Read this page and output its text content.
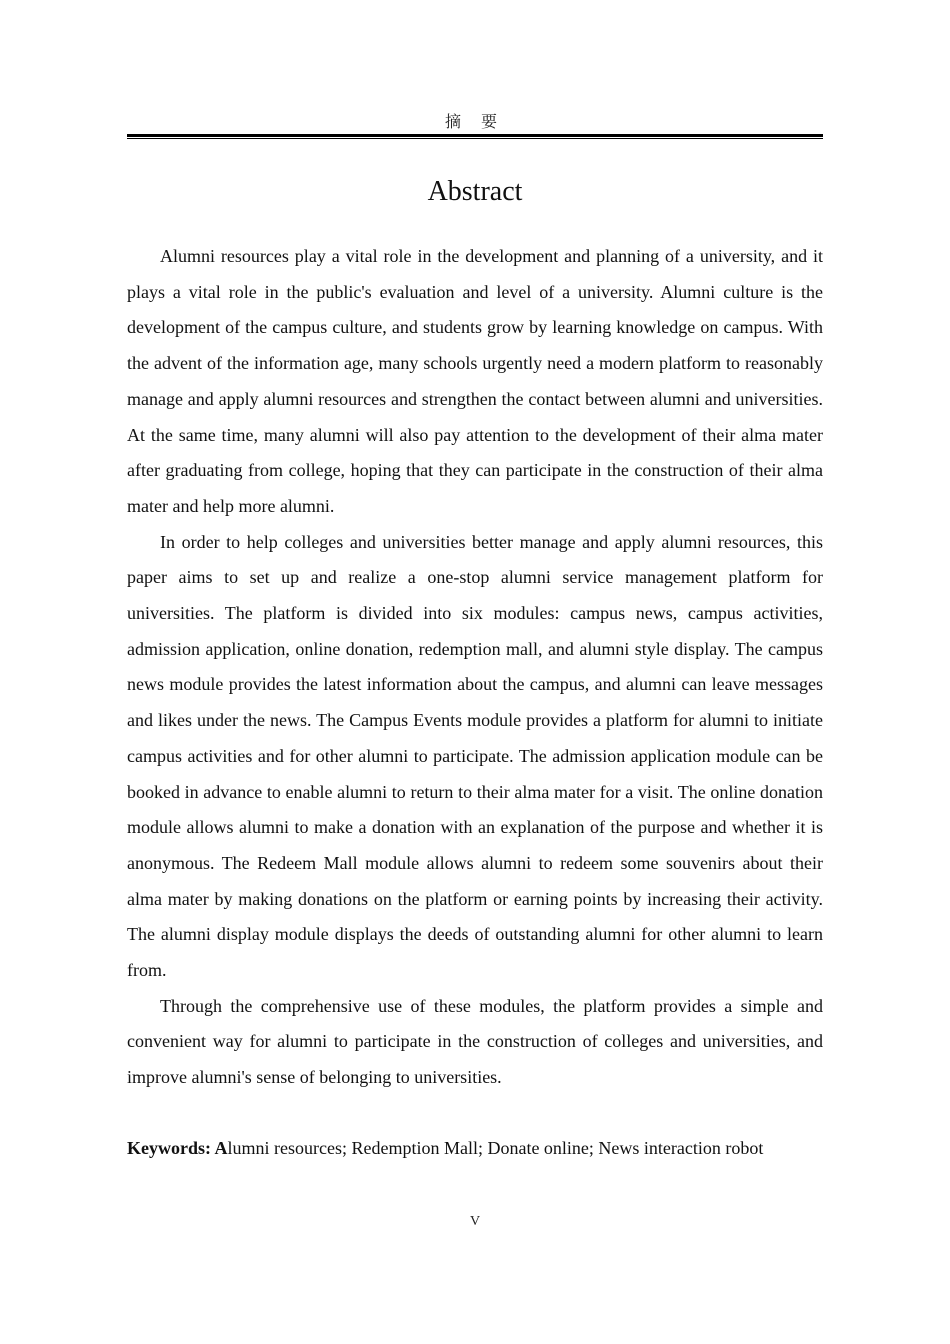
摘 要
Abstract

Alumni resources play a vital role in the development and planning of a university, and it plays a vital role in the public's evaluation and level of a university. Alumni culture is the development of the campus culture, and students grow by learning knowledge on campus. With the advent of the information age, many schools urgently need a modern platform to reasonably manage and apply alumni resources and strengthen the contact between alumni and universities. At the same time, many alumni will also pay attention to the development of their alma mater after graduating from college, hoping that they can participate in the construction of their alma mater and help more alumni.

In order to help colleges and universities better manage and apply alumni resources, this paper aims to set up and realize a one-stop alumni service management platform for universities. The platform is divided into six modules: campus news, campus activities, admission application, online donation, redemption mall, and alumni style display. The campus news module provides the latest information about the campus, and alumni can leave messages and likes under the news. The Campus Events module provides a platform for alumni to initiate campus activities and for other alumni to participate. The admission application module can be booked in advance to enable alumni to return to their alma mater for a visit. The online donation module allows alumni to make a donation with an explanation of the purpose and whether it is anonymous. The Redeem Mall module allows alumni to redeem some souvenirs about their alma mater by making donations on the platform or earning points by increasing their activity. The alumni display module displays the deeds of outstanding alumni for other alumni to learn from.

Through the comprehensive use of these modules, the platform provides a simple and convenient way for alumni to participate in the construction of colleges and universities, and improve alumni's sense of belonging to universities.

Keywords: Alumni resources; Redemption Mall; Donate online; News interaction robot
V
